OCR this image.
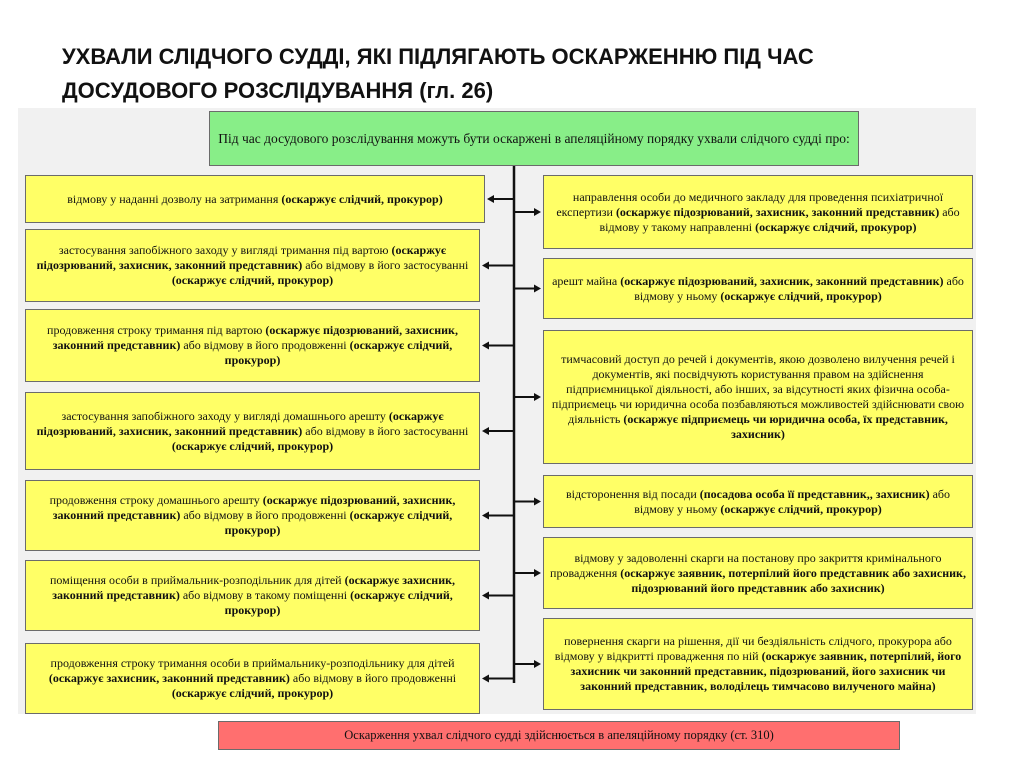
УХВАЛИ СЛІДЧОГО СУДДІ, ЯКІ ПІДЛЯГАЮТЬ ОСКАРЖЕННЮ ПІД ЧАС ДОСУДОВОГО РОЗСЛІДУВАННЯ (гл. 26)
Під час досудового розслідування можуть бути оскаржені в апеляційному порядку ухвали слідчого судді про:
відмову у наданні дозволу на затримання (оскаржує слідчий, прокурор)
застосування запобіжного заходу у вигляді тримання під вартою (оскаржує підозрюваний, захисник, законний представник) або відмову в його застосуванні (оскаржує слідчий, прокурор)
продовження строку тримання під вартою (оскаржує підозрюваний, захисник, законний представник) або відмову в його продовженні (оскаржує слідчий, прокурор)
застосування запобіжного заходу у вигляді домашнього арешту (оскаржує підозрюваний, захисник, законний представник) або відмову в його застосуванні (оскаржує слідчий, прокурор)
продовження строку домашнього арешту (оскаржує підозрюваний, захисник, законний представник) або відмову в його продовженні (оскаржує слідчий, прокурор)
поміщення особи в приймальник-розподільник для дітей (оскаржує захисник, законний представник) або відмову в такому поміщенні (оскаржує слідчий, прокурор)
продовження строку тримання особи в приймальнику-розподільнику для дітей (оскаржує захисник, законний представник) або відмову в його продовженні (оскаржує слідчий, прокурор)
направлення особи до медичного закладу для проведення психіатричної експертизи (оскаржує підозрюваний, захисник, законний представник) або відмову у такому направленні (оскаржує слідчий, прокурор)
арешт майна (оскаржує підозрюваний, захисник, законний представник) або відмову у ньому (оскаржує слідчий, прокурор)
тимчасовий доступ до речей і документів, якою дозволено вилучення речей і документів, які посвідчують користування правом на здійснення підприємницької діяльності, або інших, за відсутності яких фізична особа-підприємець чи юридична особа позбавляються можливостей здійснювати свою діяльність (оскаржує підприємець чи юридична особа, їх представник, захисник)
відсторонення від посади (посадова особа її представник,, захисник) або відмову у ньому (оскаржує слідчий, прокурор)
відмову у задоволенні скарги на постанову про закриття кримінального провадження (оскаржує заявник, потерпілий його представник або захисник, підозрюваний його представник або захисник)
повернення скарги на рішення, дії чи бездіяльність слідчого, прокурора або відмову у відкритті провадження по ній (оскаржує заявник, потерпілий, його захисник чи законний представник, підозрюваний, його захисник чи законний представник, володілець тимчасово вилученого майна)
Оскарження ухвал слідчого судді здійснюється в апеляційному порядку (ст. 310)
